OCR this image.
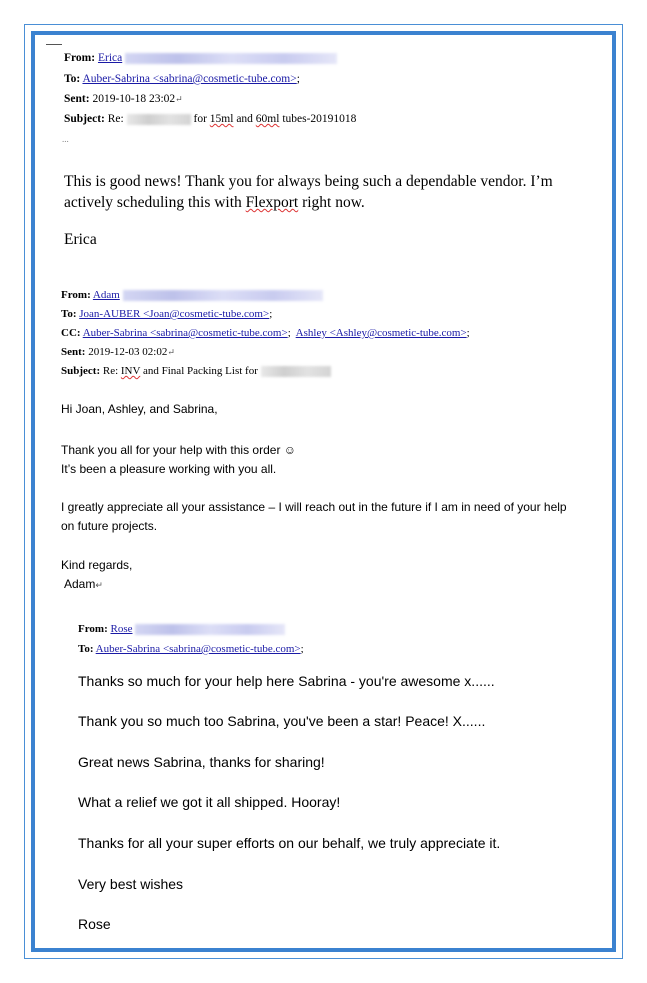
From: Erica
To: Auber-Sabrina <sabrina@cosmetic-tube.com>;
Sent: 2019-10-18 23:02↵
Subject: Re:	for 15ml and 60ml tubes-20191018
...
This is good news! Thank you for always being such a dependable vendor. I’m
actively scheduling this with Flexport right now.
Erica
From: Adam
To: Joan-AUBER <Joan@cosmetic-tube.com>;
CC: Auber-Sabrina <sabrina@cosmetic-tube.com>; Ashley <Ashley@cosmetic-tube.com>;
Sent: 2019-12-03 02:02↵
Subject: Re: INV and Final Packing List for
Hi Joan, Ashley, and Sabrina,
Thank you all for your help with this order ☺
It’s been a pleasure working with you all.
I greatly appreciate all your assistance – I will reach out in the future if I am in need of your help
on future projects.
Kind regards,
Adam↵
From: Rose
To: Auber-Sabrina <sabrina@cosmetic-tube.com>;
Thanks so much for your help here Sabrina - you're awesome x......
Thank you so much too Sabrina, you've been a star! Peace! X......
Great news Sabrina, thanks for sharing!
What a relief we got it all shipped. Hooray!
Thanks for all your super efforts on our behalf, we truly appreciate it.
Very best wishes
Rose
